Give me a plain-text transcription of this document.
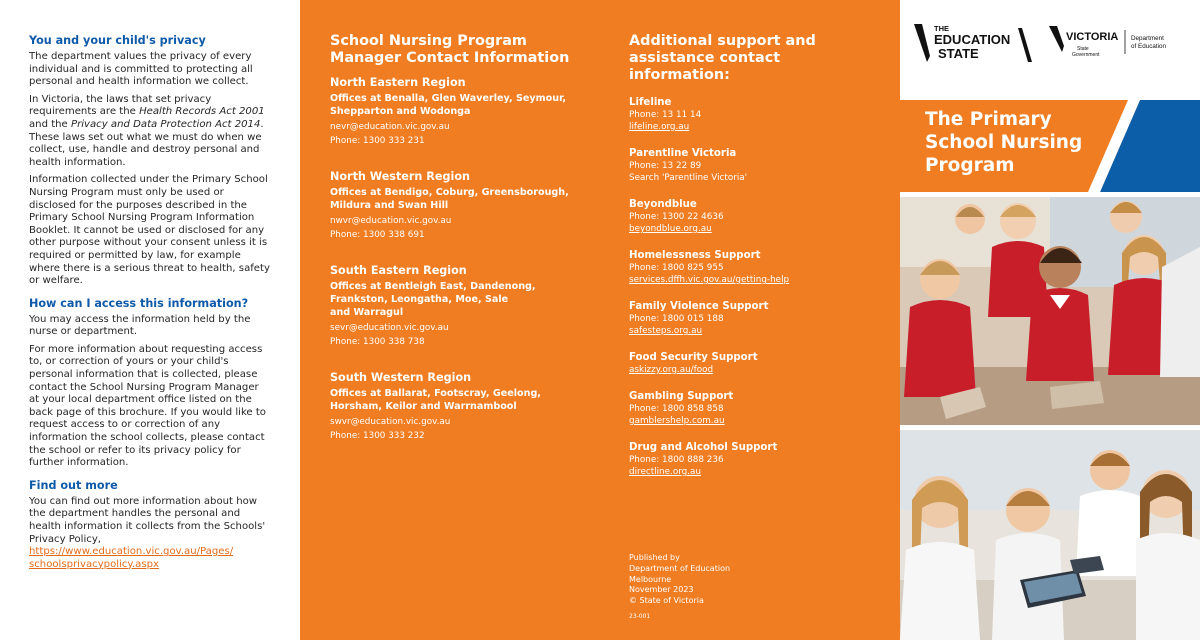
You and your child's privacy

The department values the privacy of every individual and is committed to protecting all personal and health information we collect.

In Victoria, the laws that set privacy requirements are the Health Records Act 2001 and the Privacy and Data Protection Act 2014. These laws set out what we must do when we collect, use, handle and destroy personal and health information.

Information collected under the Primary School Nursing Program must only be used or disclosed for the purposes described in the Primary School Nursing Program Information Booklet. It cannot be used or disclosed for any other purpose without your consent unless it is required or permitted by law, for example where there is a serious threat to health, safety or welfare.

How can I access this information?

You may access the information held by the nurse or department.

For more information about requesting access to, or correction of yours or your child's personal information that is collected, please contact the School Nursing Program Manager at your local department office listed on the back page of this brochure. If you would like to request access to or correction of any information the school collects, please contact the school or refer to its privacy policy for further information.

Find out more

You can find out more information about how the department handles the personal and health information it collects from the Schools' Privacy Policy,

https://www.education.vic.gov.au/Pages/
schoolsprivacypolicy.aspx
School Nursing Program
Manager Contact Information
North Eastern Region
Offices at Benalla, Glen Waverley, Seymour,
Shepparton and Wodonga
nevr@education.vic.gov.au
Phone: 1300 333 231
North Western Region
Offices at Bendigo, Coburg, Greensborough,
Mildura and Swan Hill
nwvr@education.vic.gov.au
Phone: 1300 338 691
South Eastern Region
Offices at Bentleigh East, Dandenong,
Frankston, Leongatha, Moe, Sale
and Warragul
sevr@education.vic.gov.au
Phone: 1300 338 738
South Western Region
Offices at Ballarat, Footscray, Geelong,
Horsham, Keilor and Warrnambool
swvr@education.vic.gov.au
Phone: 1300 333 232
Additional support and
assistance contact information:
Lifeline
Phone: 13 11 14
lifeline.org.au
Parentline Victoria
Phone: 13 22 89
Search 'Parentline Victoria'
Beyondblue
Phone: 1300 22 4636
beyondblue.org.au
Homelessness Support
Phone: 1800 825 955
services.dffh.vic.gov.au/getting-help
Family Violence Support
Phone: 1800 015 188
safesteps.org.au
Food Security Support
askizzy.org.au/food
Gambling Support
Phone: 1800 858 858
gamblershelp.com.au
Drug and Alcohol Support
Phone: 1800 888 236
directline.org.au
Published by
Department of Education
Melbourne
November 2023
© State of Victoria
23-001
THE
EDUCATION
STATE
VICTORIA
State
Government
Department
of Education
The Primary
School Nursing
Program
